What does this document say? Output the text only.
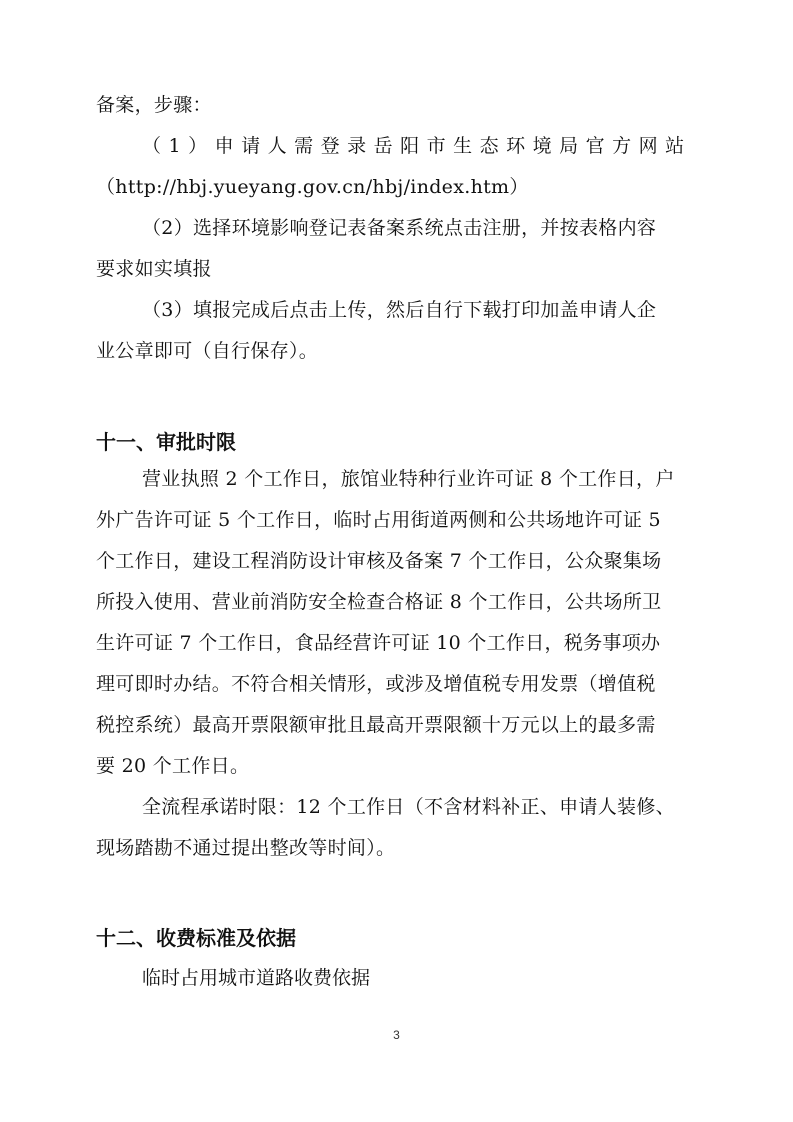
备案，步骤：
（1）申请人需登录岳阳市生态环境局官方网站
（http://hbj.yueyang.gov.cn/hbj/index.htm）
（2）选择环境影响登记表备案系统点击注册，并按表格内容
要求如实填报
（3）填报完成后点击上传，然后自行下载打印加盖申请人企
业公章即可（自行保存）。
十一、审批时限
营业执照 2 个工作日，旅馆业特种行业许可证 8 个工作日，户
外广告许可证 5 个工作日，临时占用街道两侧和公共场地许可证 5
个工作日，建设工程消防设计审核及备案 7 个工作日，公众聚集场
所投入使用、营业前消防安全检查合格证 8 个工作日，公共场所卫
生许可证 7 个工作日，食品经营许可证 10 个工作日，税务事项办
理可即时办结。不符合相关情形，或涉及增值税专用发票（增值税
税控系统）最高开票限额审批且最高开票限额十万元以上的最多需
要 20 个工作日。
全流程承诺时限：12 个工作日（不含材料补正、申请人装修、
现场踏勘不通过提出整改等时间）。
十二、收费标准及依据
临时占用城市道路收费依据
3
